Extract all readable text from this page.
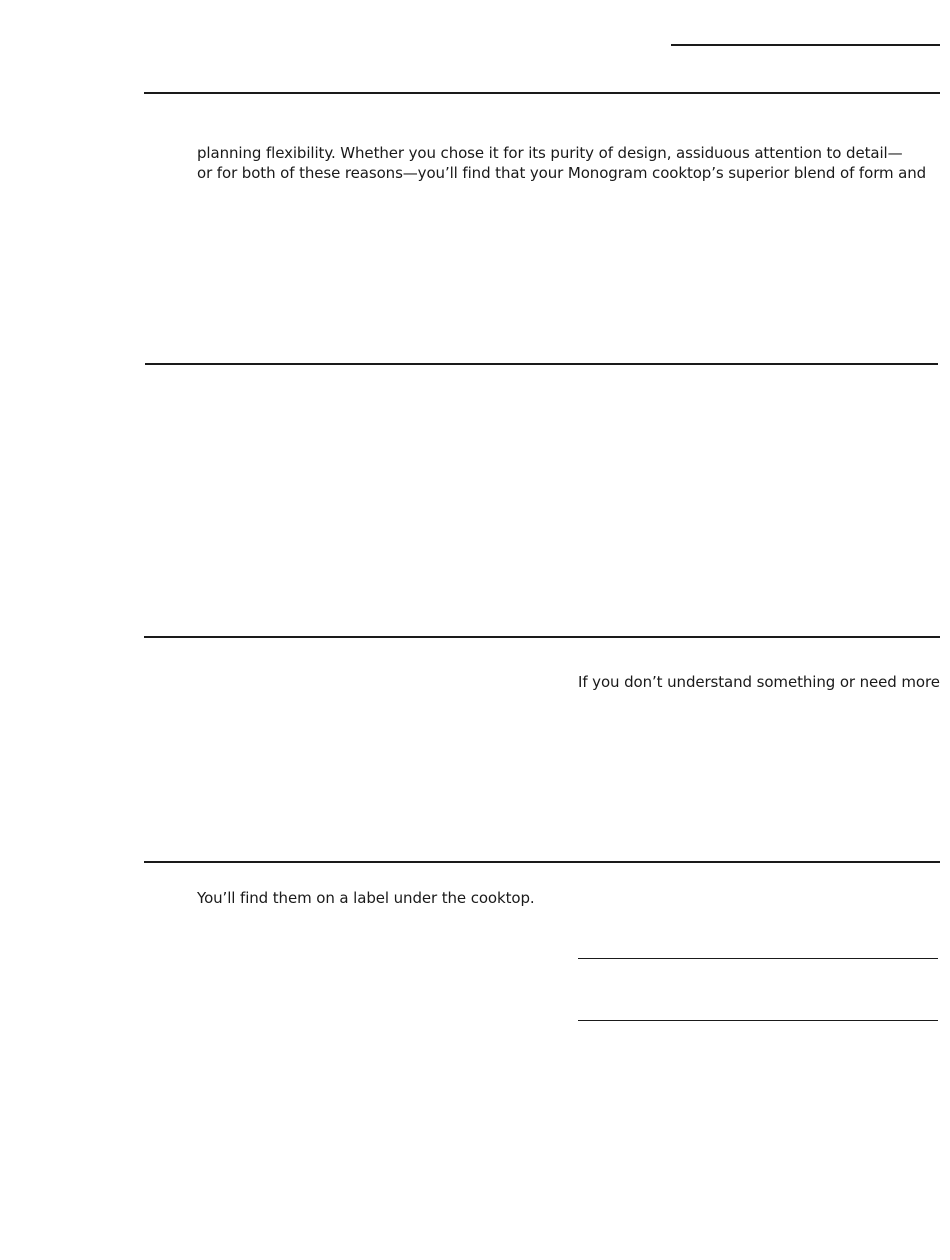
planning flexibility. Whether you chose it for its purity of design, assiduous attention to detail—
or for both of these reasons—you’ll find that your Monogram cooktop’s superior blend of form and
If you don’t understand something or need more
You’ll find them on a label under the cooktop.
